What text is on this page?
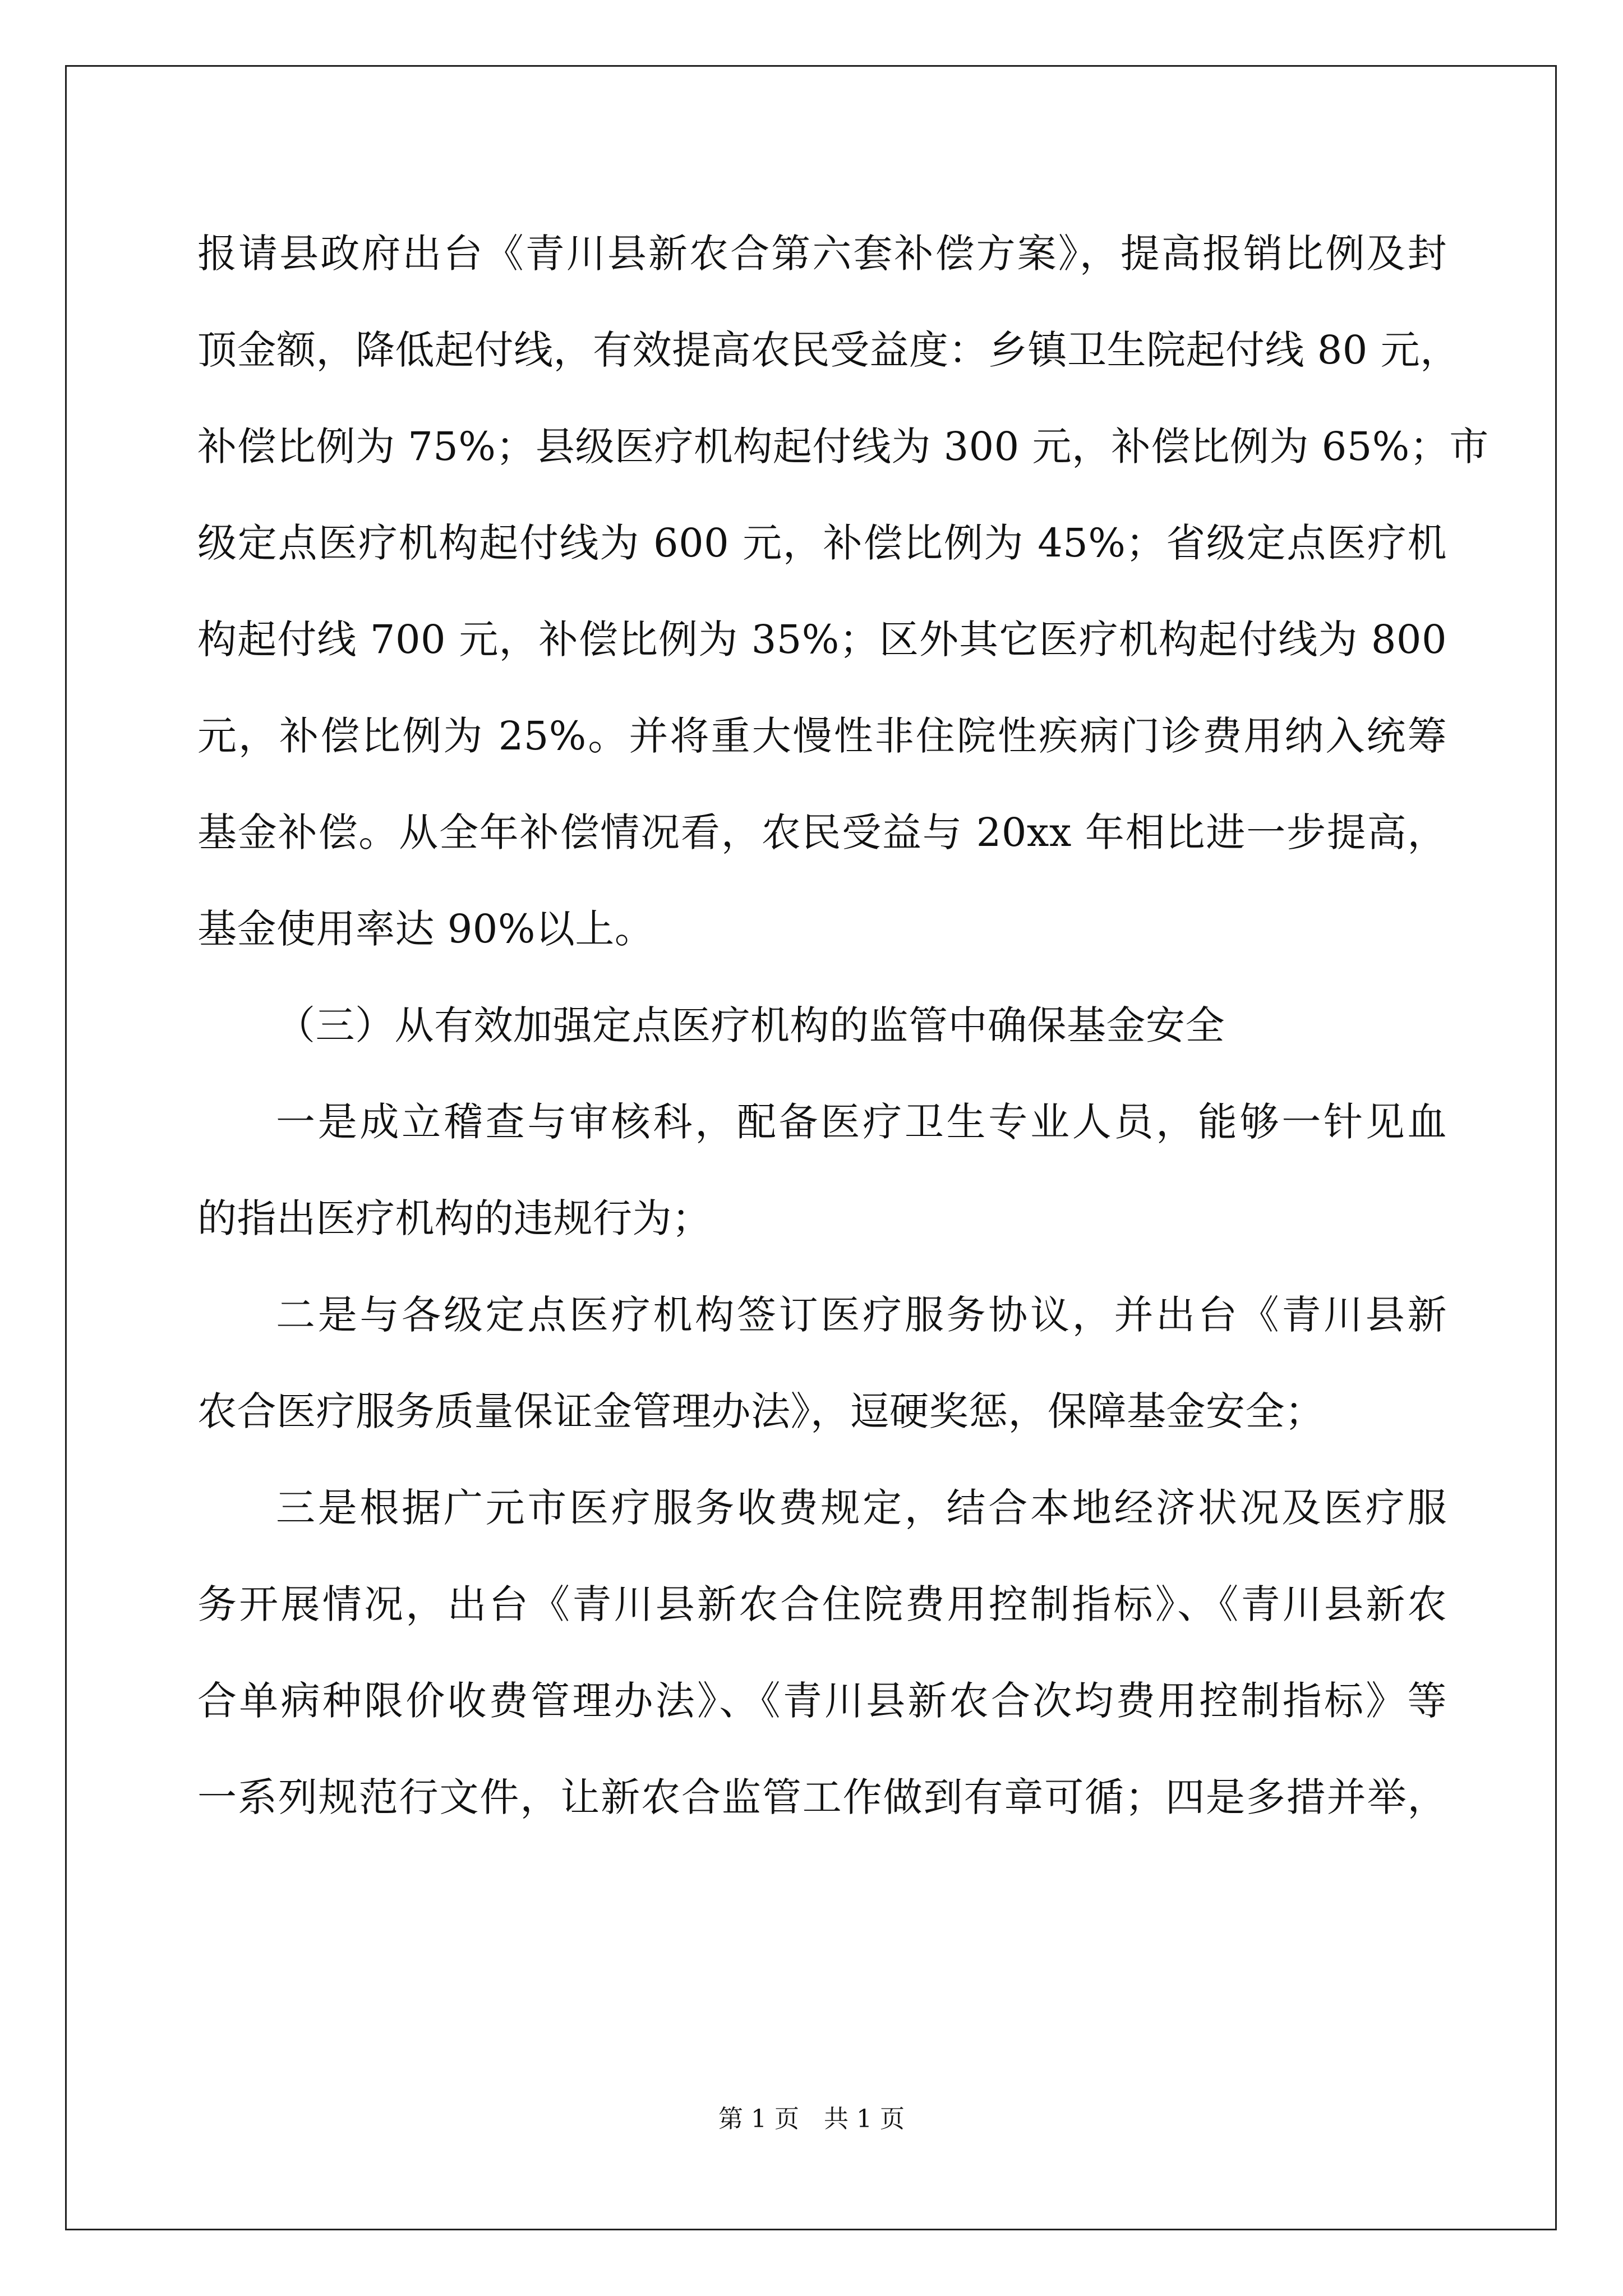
报请县政府出台《青川县新农合第六套补偿方案》，提高报销比例及封
顶金额，降低起付线，有效提高农民受益度：乡镇卫生院起付线 80 元，
补偿比例为 75%；县级医疗机构起付线为 300 元，补偿比例为 65%；市
级定点医疗机构起付线为 600 元，补偿比例为 45%；省级定点医疗机
构起付线 700 元，补偿比例为 35%；区外其它医疗机构起付线为 800
元，补偿比例为 25%。并将重大慢性非住院性疾病门诊费用纳入统筹
基金补偿。从全年补偿情况看，农民受益与 20xx 年相比进一步提高，
基金使用率达 90%以上。
（三）从有效加强定点医疗机构的监管中确保基金安全
一是成立稽查与审核科，配备医疗卫生专业人员，能够一针见血
的指出医疗机构的违规行为；
二是与各级定点医疗机构签订医疗服务协议，并出台《青川县新
农合医疗服务质量保证金管理办法》，逗硬奖惩，保障基金安全；
三是根据广元市医疗服务收费规定，结合本地经济状况及医疗服
务开展情况，出台《青川县新农合住院费用控制指标》、《青川县新农
合单病种限价收费管理办法》、《青川县新农合次均费用控制指标》等
一系列规范行文件，让新农合监管工作做到有章可循；四是多措并举，
第 1 页　共 1 页
